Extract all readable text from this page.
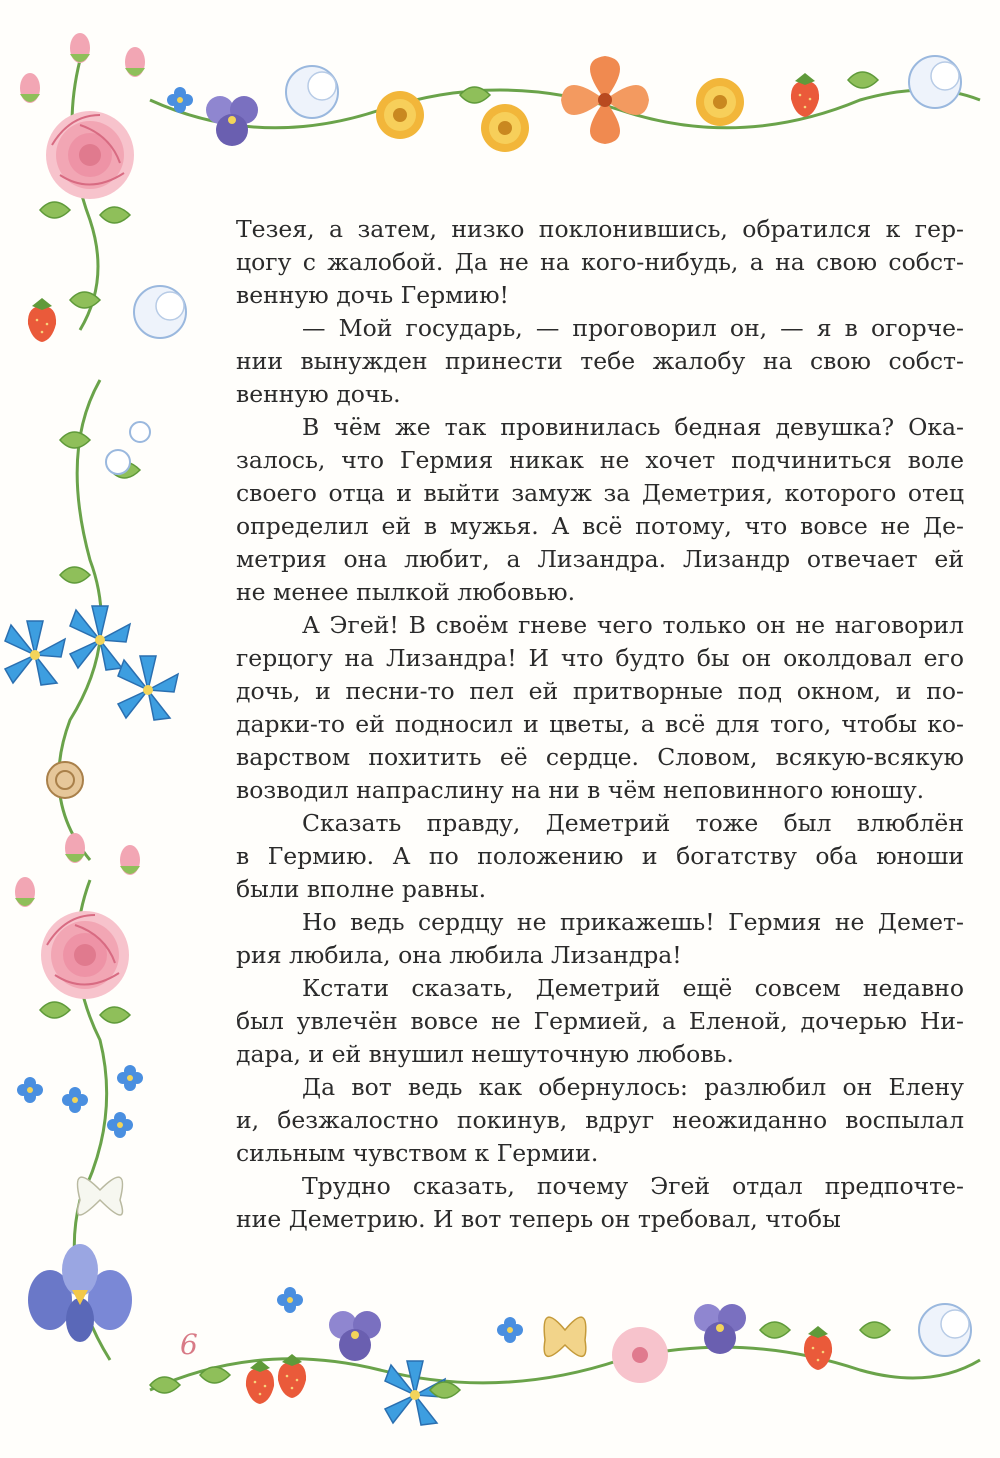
Тезея, а затем, низко поклонившись, обратился к гер-
цогу с жалобой. Да не на кого-нибудь, а на свою собст-
венную дочь Гермию!

— Мой государь, — проговорил он, — я в огорче-
нии вынужден принести тебе жалобу на свою собст-
венную дочь.

В чём же так провинилась бедная девушка? Ока-
залось, что Гермия никак не хочет подчиниться воле
своего отца и выйти замуж за Деметрия, которого отец
определил ей в мужья. А всё потому, что вовсе не Де-
метрия она любит, а Лизандра. Лизандр отвечает ей
не менее пылкой любовью.

А Эгей! В своём гневе чего только он не наговорил
герцогу на Лизандра! И что будто бы он околдовал его
дочь, и песни-то пел ей притворные под окном, и по-
дарки-то ей подносил и цветы, а всё для того, чтобы ко-
варством похитить её сердце. Словом, всякую-всякую
возводил напраслину на ни в чём неповинного юношу.

Сказать правду, Деметрий тоже был влюблён
в Гермию. А по положению и богатству оба юноши
были вполне равны.

Но ведь сердцу не прикажешь! Гермия не Демет-
рия любила, она любила Лизандра!

Кстати сказать, Деметрий ещё совсем недавно
был увлечён вовсе не Гермией, а Еленой, дочерью Ни-
дара, и ей внушил нешуточную любовь.

Да вот ведь как обернулось: разлюбил он Елену
и, безжалостно покинув, вдруг неожиданно воспылал
сильным чувством к Гермии.

Трудно сказать, почему Эгей отдал предпочте-
ние Деметрию. И вот теперь он требовал, чтобы

6
